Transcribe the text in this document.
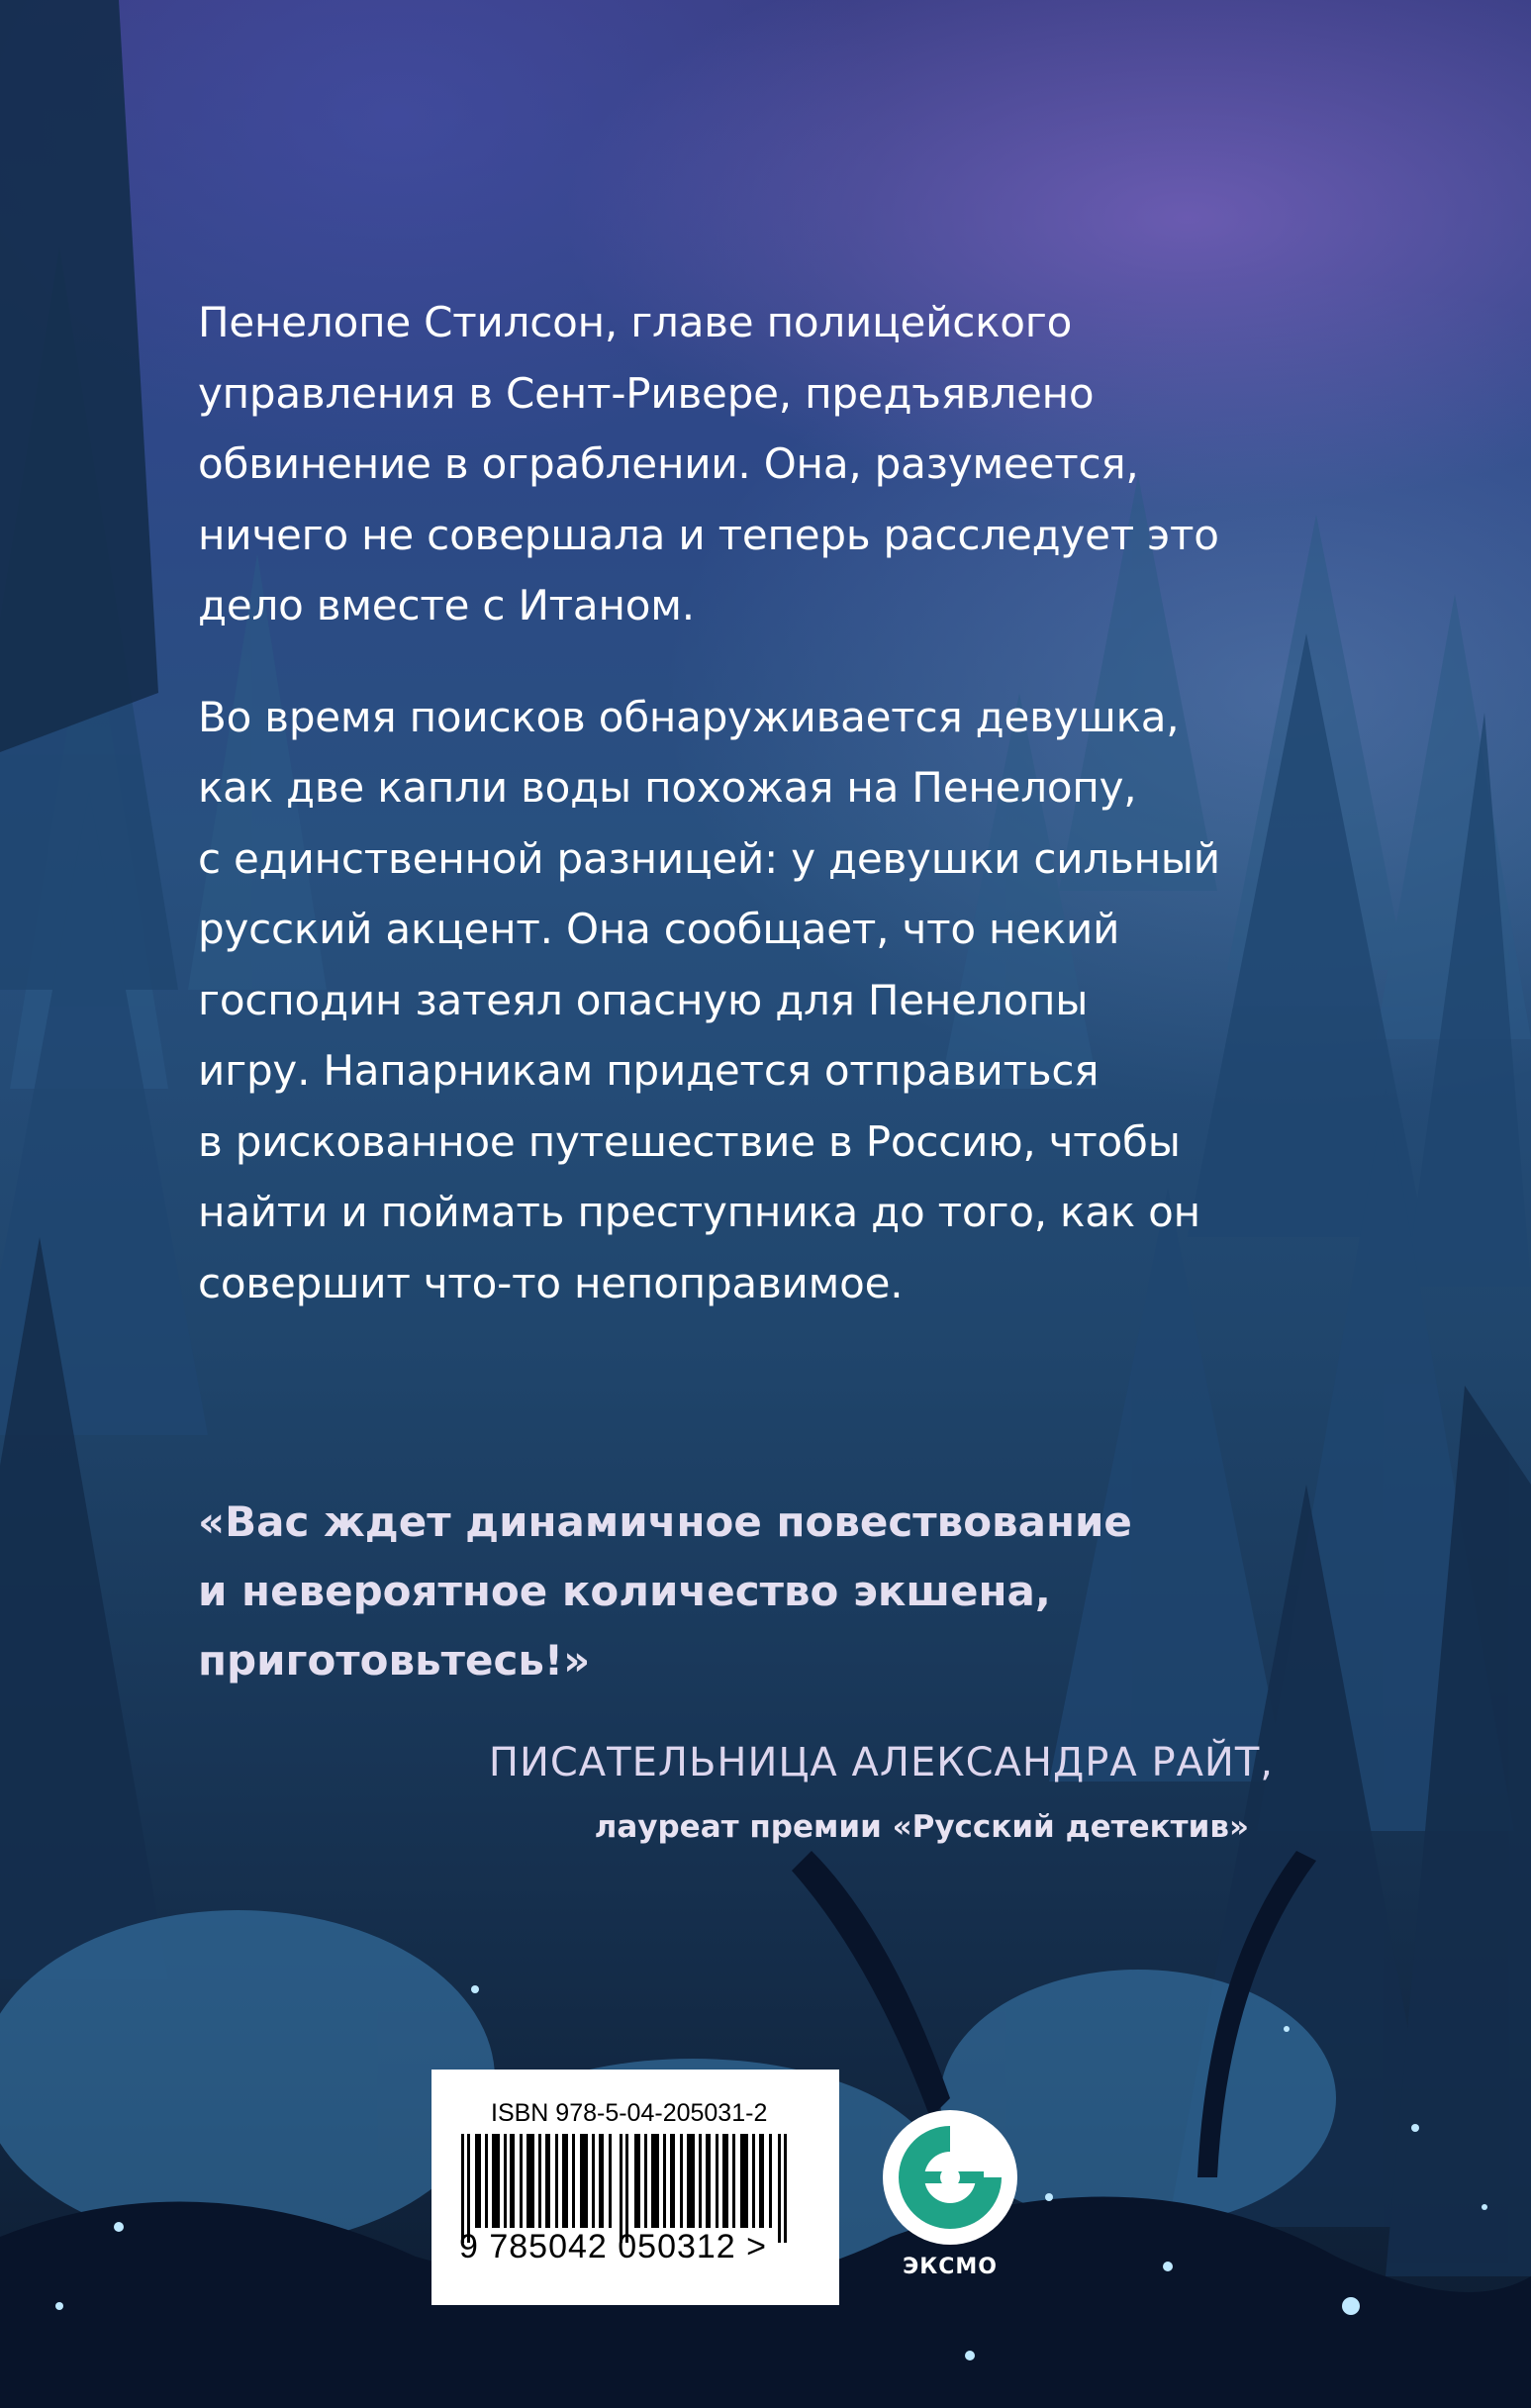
Пенелопе Стилсон, главе полицейского
управления в Сент-Ривере, предъявлено
обвинение в ограблении. Она, разумеется,
ничего не совершала и теперь расследует это
дело вместе с Итаном.

Во время поисков обнаруживается девушка,
как две капли воды похожая на Пенелопу,
с единственной разницей: у девушки сильный
русский акцент. Она сообщает, что некий
господин затеял опасную для Пенелопы
игру. Напарникам придется отправиться
в рискованное путешествие в Россию, чтобы
найти и поймать преступника до того, как он
совершит что-то непоправимое.

«Вас ждет динамичное повествование
и невероятное количество экшена,
приготовьтесь!»
ПИСАТЕЛЬНИЦА АЛЕКСАНДРА РАЙТ,
лауреат премии «Русский детектив»
ISBN 978-5-04-205031-2
9 785042 050312 >
ЭКСМО
